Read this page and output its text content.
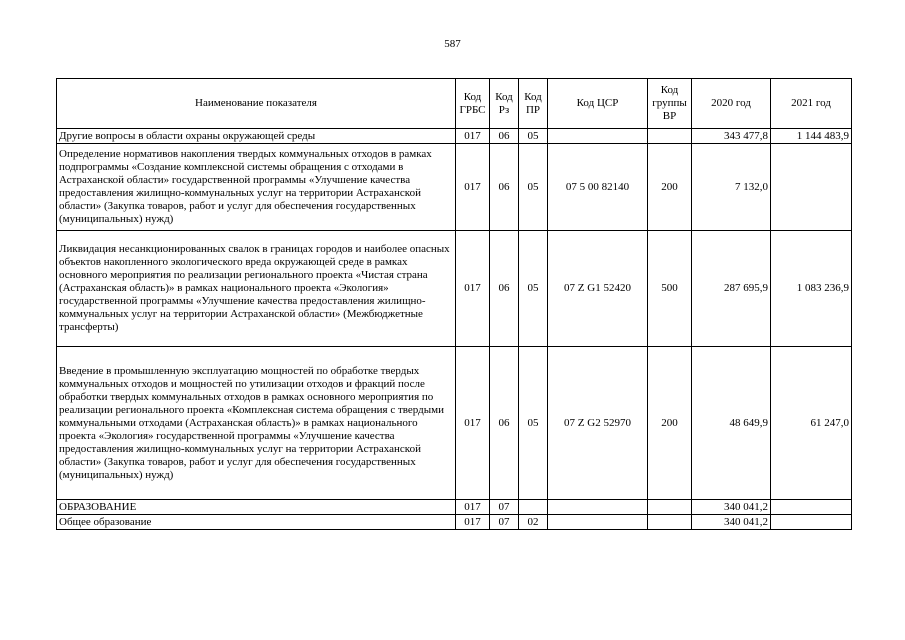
587
Наименование показателя	Код ГРБС	Код Рз	Код ПР	Код ЦСР	Код группы ВР	2020 год	2021 год
Другие вопросы в области охраны окружающей среды	017	06	05			343 477,8	1 144 483,9
Определение нормативов накопления твердых коммунальных отходов в рамках подпрограммы «Создание комплексной системы обращения с отходами в Астраханской области» государственной программы «Улучшение качества предоставления жилищно-коммунальных услуг на территории Астраханской области» (Закупка товаров, работ и услуг для обеспечения государственных (муниципальных) нужд)	017	06	05	07 5 00 82140	200	7 132,0	
Ликвидация несанкционированных свалок в границах городов и наиболее опасных объектов накопленного экологического вреда окружающей среде в рамках основного мероприятия по реализации регионального проекта «Чистая страна (Астраханская область)» в рамках национального проекта «Экология» государственной программы «Улучшение качества предоставления жилищно-коммунальных услуг на территории Астраханской области» (Межбюджетные трансферты)	017	06	05	07 Z G1 52420	500	287 695,9	1 083 236,9
Введение в промышленную эксплуатацию мощностей по обработке твердых коммунальных отходов и мощностей по утилизации отходов и фракций после обработки твердых коммунальных отходов в рамках основного мероприятия по реализации регионального проекта «Комплексная система обращения с твердыми коммунальными отходами (Астраханская область)» в рамках национального проекта «Экология» государственной программы «Улучшение качества предоставления жилищно-коммунальных услуг на территории Астраханской области» (Закупка товаров, работ и услуг для обеспечения государственных (муниципальных) нужд)	017	06	05	07 Z G2 52970	200	48 649,9	61 247,0
ОБРАЗОВАНИЕ	017	07				340 041,2	
Общее образование	017	07	02			340 041,2	
